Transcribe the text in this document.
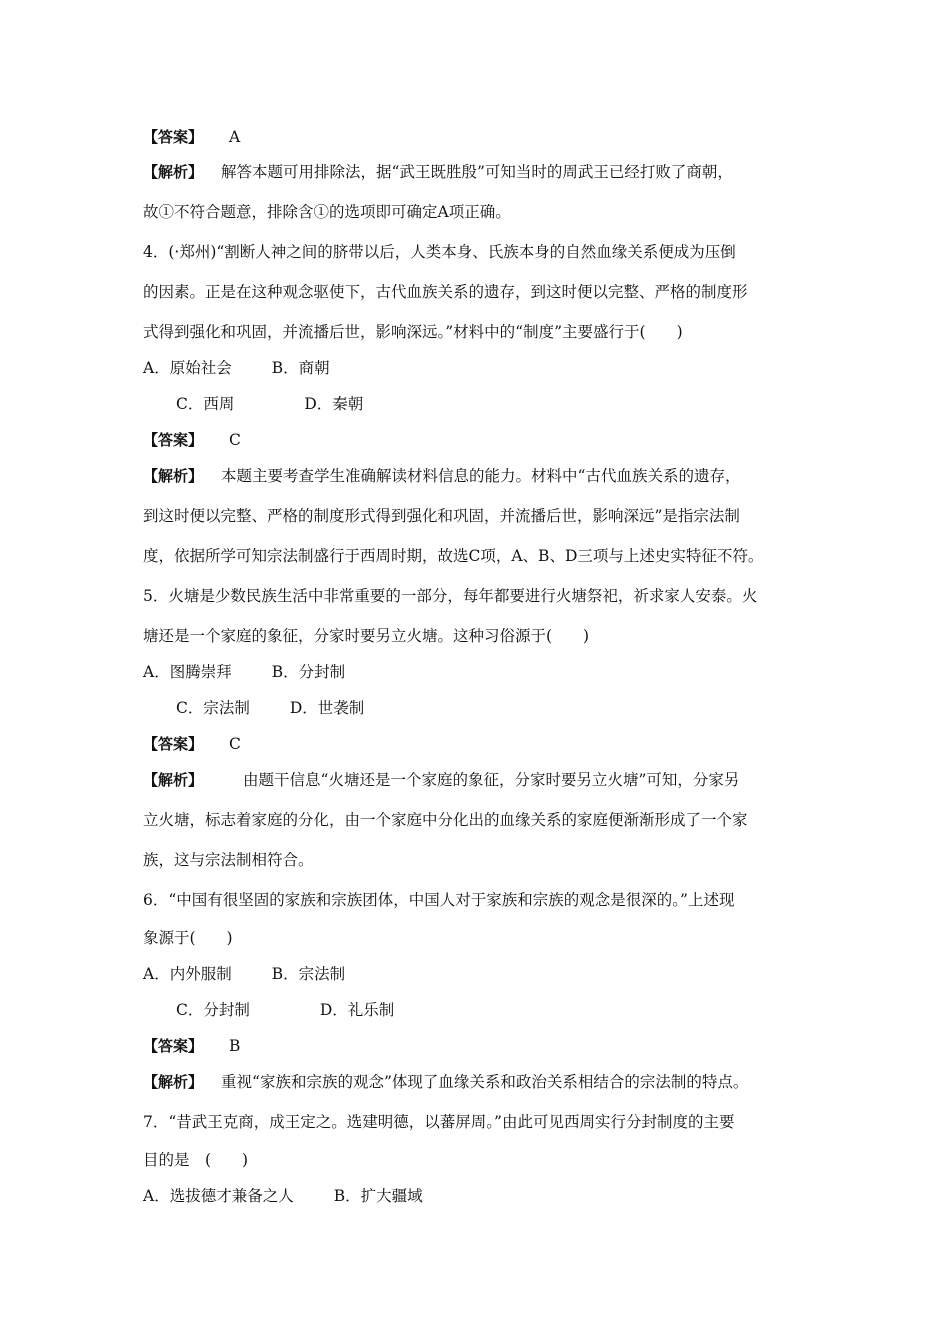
【答案】 A
【解析】 解答本题可用排除法，据“武王既胜殷”可知当时的周武王已经打败了商朝，
故①不符合题意，排除含①的选项即可确定A项正确。
4．(·郑州)“割断人神之间的脐带以后，人类本身、氏族本身的自然血缘关系便成为压倒
的因素。正是在这种观念驱使下，古代血族关系的遗存，到这时便以完整、严格的制度形
式得到强化和巩固，并流播后世，影响深远。”材料中的“制度”主要盛行于(　　)
A．原始社会	B．商朝
C．西周	D．秦朝
【答案】 C
【解析】 本题主要考查学生准确解读材料信息的能力。材料中“古代血族关系的遗存，
到这时便以完整、严格的制度形式得到强化和巩固，并流播后世，影响深远”是指宗法制
度，依据所学可知宗法制盛行于西周时期，故选C项，A、B、D三项与上述史实特征不符。
5．火塘是少数民族生活中非常重要的一部分，每年都要进行火塘祭祀，祈求家人安泰。火
塘还是一个家庭的象征，分家时要另立火塘。这种习俗源于(　　)
A．图腾崇拜	B．分封制
C．宗法制	D．世袭制
【答案】 C
【解析】	由题干信息“火塘还是一个家庭的象征，分家时要另立火塘”可知，分家另
立火塘，标志着家庭的分化，由一个家庭中分化出的血缘关系的家庭便渐渐形成了一个家
族，这与宗法制相符合。
6．“中国有很坚固的家族和宗族团体，中国人对于家族和宗族的观念是很深的。”上述现
象源于(　　)
A．内外服制	B．宗法制
C．分封制	D．礼乐制
【答案】 B
【解析】 重视“家族和宗族的观念”体现了血缘关系和政治关系相结合的宗法制的特点。
7．“昔武王克商，成王定之。选建明德，以蕃屏周。”由此可见西周实行分封制度的主要
目的是　(　　)
A．选拔德才兼备之人	B．扩大疆域
